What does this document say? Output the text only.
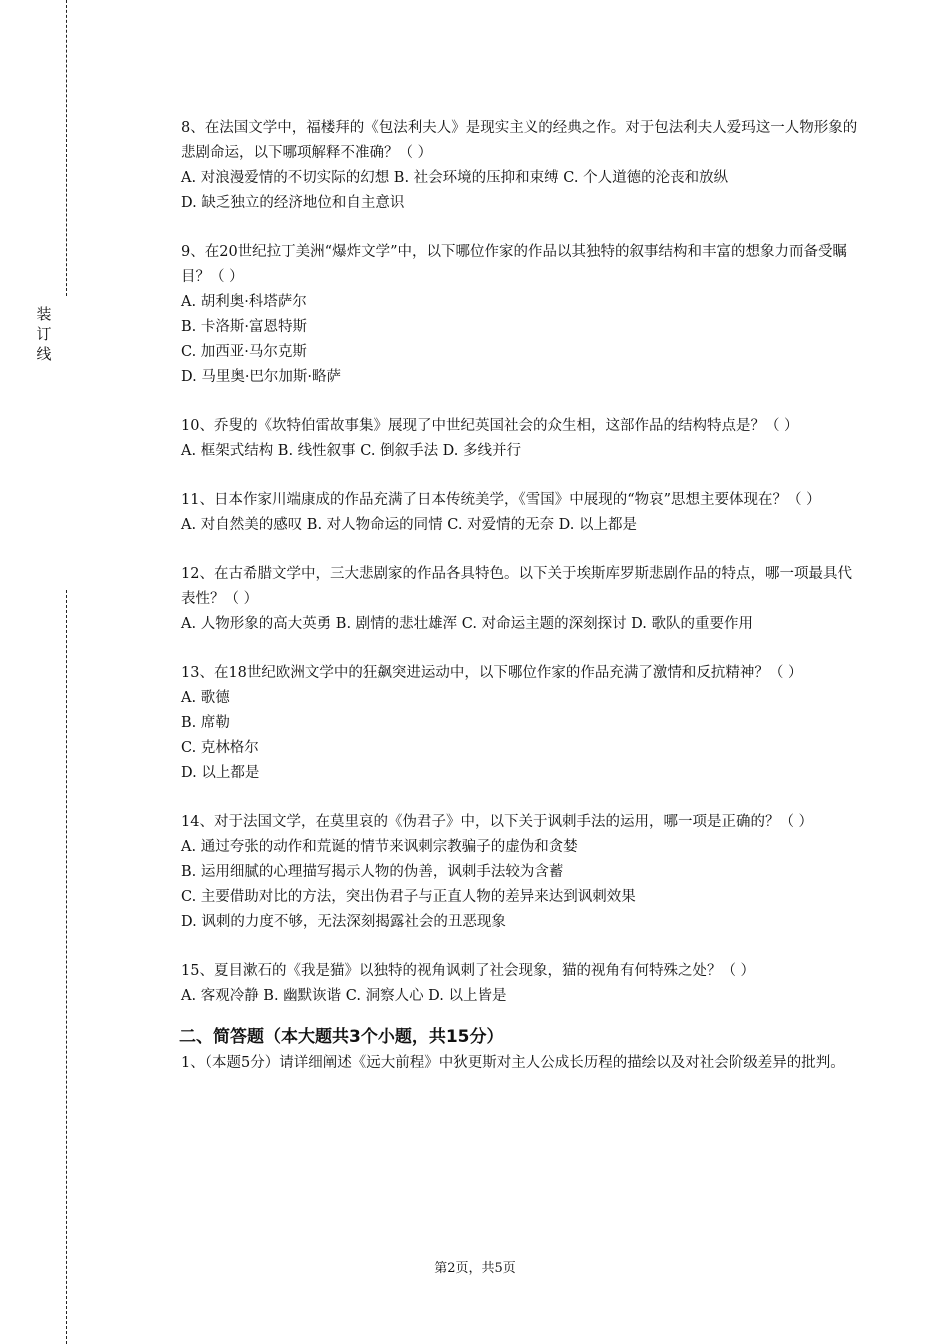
装
订
线

8、在法国文学中，福楼拜的《包法利夫人》是现实主义的经典之作。对于包法利夫人爱玛这一人物形象的悲剧命运，以下哪项解释不准确？（ ）

A. 对浪漫爱情的不切实际的幻想 B. 社会环境的压抑和束缚 C. 个人道德的沦丧和放纵

D. 缺乏独立的经济地位和自主意识

9、在20世纪拉丁美洲“爆炸文学”中，以下哪位作家的作品以其独特的叙事结构和丰富的想象力而备受瞩目？（ ）

A. 胡利奥·科塔萨尔

B. 卡洛斯·富恩特斯

C. 加西亚·马尔克斯

D. 马里奥·巴尔加斯·略萨

10、乔叟的《坎特伯雷故事集》展现了中世纪英国社会的众生相，这部作品的结构特点是？（ ）

A. 框架式结构 B. 线性叙事 C. 倒叙手法 D. 多线并行

11、日本作家川端康成的作品充满了日本传统美学，《雪国》中展现的“物哀”思想主要体现在？（ ）

A. 对自然美的感叹 B. 对人物命运的同情 C. 对爱情的无奈 D. 以上都是

12、在古希腊文学中，三大悲剧家的作品各具特色。以下关于埃斯库罗斯悲剧作品的特点，哪一项最具代表性？（ ）

A. 人物形象的高大英勇 B. 剧情的悲壮雄浑 C. 对命运主题的深刻探讨 D. 歌队的重要作用

13、在18世纪欧洲文学中的狂飙突进运动中，以下哪位作家的作品充满了激情和反抗精神？（ ）

A. 歌德

B. 席勒

C. 克林格尔

D. 以上都是

14、对于法国文学，在莫里哀的《伪君子》中，以下关于讽刺手法的运用，哪一项是正确的？（ ）

A. 通过夸张的动作和荒诞的情节来讽刺宗教骗子的虚伪和贪婪

B. 运用细腻的心理描写揭示人物的伪善，讽刺手法较为含蓄

C. 主要借助对比的方法，突出伪君子与正直人物的差异来达到讽刺效果

D. 讽刺的力度不够，无法深刻揭露社会的丑恶现象

15、夏目漱石的《我是猫》以独特的视角讽刺了社会现象，猫的视角有何特殊之处？（ ）

A. 客观冷静 B. 幽默诙谐 C. 洞察人心 D. 以上皆是

二、简答题（本大题共3个小题，共15分）

1、（本题5分）请详细阐述《远大前程》中狄更斯对主人公成长历程的描绘以及对社会阶级差异的批判。

第2页，共5页
